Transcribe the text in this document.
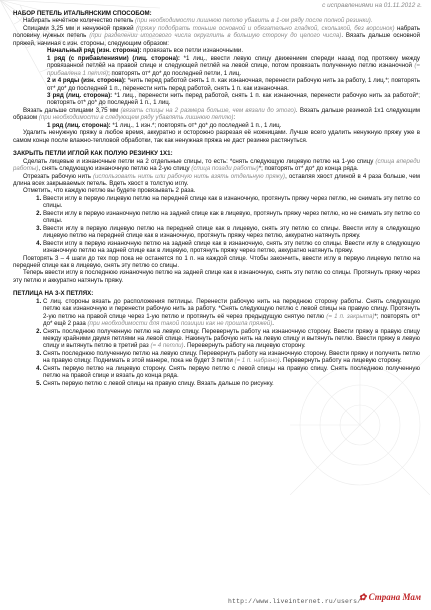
с исправлениями на 01.11.2012 г.
НАБОР ПЕТЕЛЬ ИТАЛЬЯНСКИМ СПОСОБОМ:

Набирать нечётное количество петель (при необходимости лишнюю петлю убавить в 1-ом ряду после полной резинки).

Спицами 3,25 мм и ненужной пряжей (пряжу подобрать тоньше основной и обязательно гладкой, скользкой, без ворсинок) набрать половину нужных петель (при разделении итогового числа округлить в большую сторону до целого числа). Вязать дальше основной пряжей, начиная с изн. стороны, следующим образом:

Начальный ряд (изн. сторона): провязать все петли изнаночными.

1 ряд (с прибавлениями) (лиц. сторона): *1 лиц., ввести левую спицу движением спереди назад под протяжку между провязанной петлёй на правой спице и следующей петлёй на левой спице, потом провязать полученную петлю изнаночной (= прибавлена 1 петля); повторять от* до* до последней петли, 1 лиц.

2 и 4 ряды (изн. сторона): *нить перед работой снять 1 п. как изнаночная, перенести рабочую нить за работу, 1 лиц.*; повторять от* до* до последней 1 п., перенести нить перед работой, снять 1 п. как изнаночная.

3 ряд (лиц. сторона): *1 лиц., перенести нить перед работой, снять 1 п. как изнаночная, перенести рабочую нить за работой*; повторять от* до* до последней 1 п., 1 лиц.

Вязать дальше спицами 3,75 мм (вязать спицы на 2 размера больше, чем вязали до этого). Вязать дальше резинкой 1х1 следующим образом (при необходимости в следующем ряду убавлять лишнюю петлю):

1 ряд (лиц. сторона): *1 лиц., 1 изн.*; повторять от* до* до последней 1 п., 1 лиц.

Удалить ненужную пряжу в любое время, аккуратно и осторожно разрезая её ножницами. Лучше всего удалить ненужную пряжу уже в самом конце после влажно-тепловой обработки, так как ненужная пряжа не даст резинке растянуться.

ЗАКРЫТЬ ПЕТЛИ ИГЛОЙ КАК ПОЛУЮ РЕЗИНКУ 1Х1:

Сделать лицевые и изнаночные петли на 2 отдельные спицы, то есть: *снять следующую лицевую петлю на 1-ую спицу (спица впереди работы), снять следующую изнаночную петлю на 2-ую спицу (спица позади работы)*; повторять от* до* до конца ряда.

Отрезать рабочую нить (использовать нить или рабочую нить взять отдельную пряжу), оставляя хвост длиной в 4 раза больше, чем длина всех закрываемых петель. Вдеть хвост в толстую иглу.

Отметить, что каждую петлю вы будете провязывать 2 раза.

1. Ввести иглу в первую лицевую петлю на передней спице как в изнаночную, протянуть пряжу через петлю, не снимать эту петлю со спицы.
2. Ввести иглу в первую изнаночную петлю на задней спице как в лицевую, протянуть пряжу через петлю, но не снимать эту петлю со спицы.
3. Ввести иглу в первую лицевую петлю на передней спице как в лицевую, снять эту петлю со спицы. Ввести иглу в следующую лицевую петлю на передней спице как в изнаночную, протянуть пряжу через петлю, аккуратно натянуть пряжу.
4. Ввести иглу в первую изнаночную петлю на задней спице как в изнаночную, снять эту петлю со спицы. Ввести иглу в следующую изнаночную петлю на задней спице как в лицевую, протянуть пряжу через петлю, аккуратно натянуть пряжу.

Повторять 3 – 4 шаги до тех пор пока не останется по 1 п. на каждой спице. Чтобы закончить, ввести иглу в первую лицевую петлю на передней спице как в лицевую, снять эту петлю со спицы.

Теперь ввести иглу в последнюю изнаночную петлю на задней спице как в изнаночную, снять эту петлю со спицы. Протянуть пряжу через эту петлю и аккуратно натянуть пряжу.

ПЕТЛИЦА НА 3-Х ПЕТЛЯХ:
1. С лиц. стороны вязать до расположения петлицы. Перенести рабочую нить на переднюю сторону работы. Снять следующую петлю как изнаночную и перенести рабочую нить за работу. *Снять следующую петлю с левой спицы на правую спицу. Протянуть 2-ую петлю на правой спице через 1-ую петлю и протянуть её через предыдущую снятую петлю (= 1 п. закрыта)*; повторять от* до* ещё 2 раза (при необходимости для такой позиции как не прошла пряжей).
2. Снять последнюю полученную петлю на левую спицу. Перевернуть работу на изнаночную сторону. Ввести пряжу в правую спицу между крайними двумя петлями на левой спице. Накинуть рабочую нить на левую спицу и вытянуть петлю. Ввести пряжу в левую спицу и вытянуть петлю в третий раз (= 4 петли). Перевернуть работу на лицевую сторону.
3. Снять последнюю полученную петлю на левую спицу. Перевернуть работу на изнаночную сторону. Ввести пряжу и получить петлю на правую спицу. Поднимать в этой манере, пока не будет 3 петли (= 1 п. набрано). Перевернуть работу на лицевую сторону.
4. Снять первую петлю на лицевую сторону. Снять первую петлю с левой спицы на правую спицу. Снять последнюю полученную петлю на правой спице и вязать до конца ряда.
5. Снять первую петлю с левой спицы на правую спицу. Вязать дальше по рисунку.
http://www.liveinternet.ru/users/
✿ Страна Мам
